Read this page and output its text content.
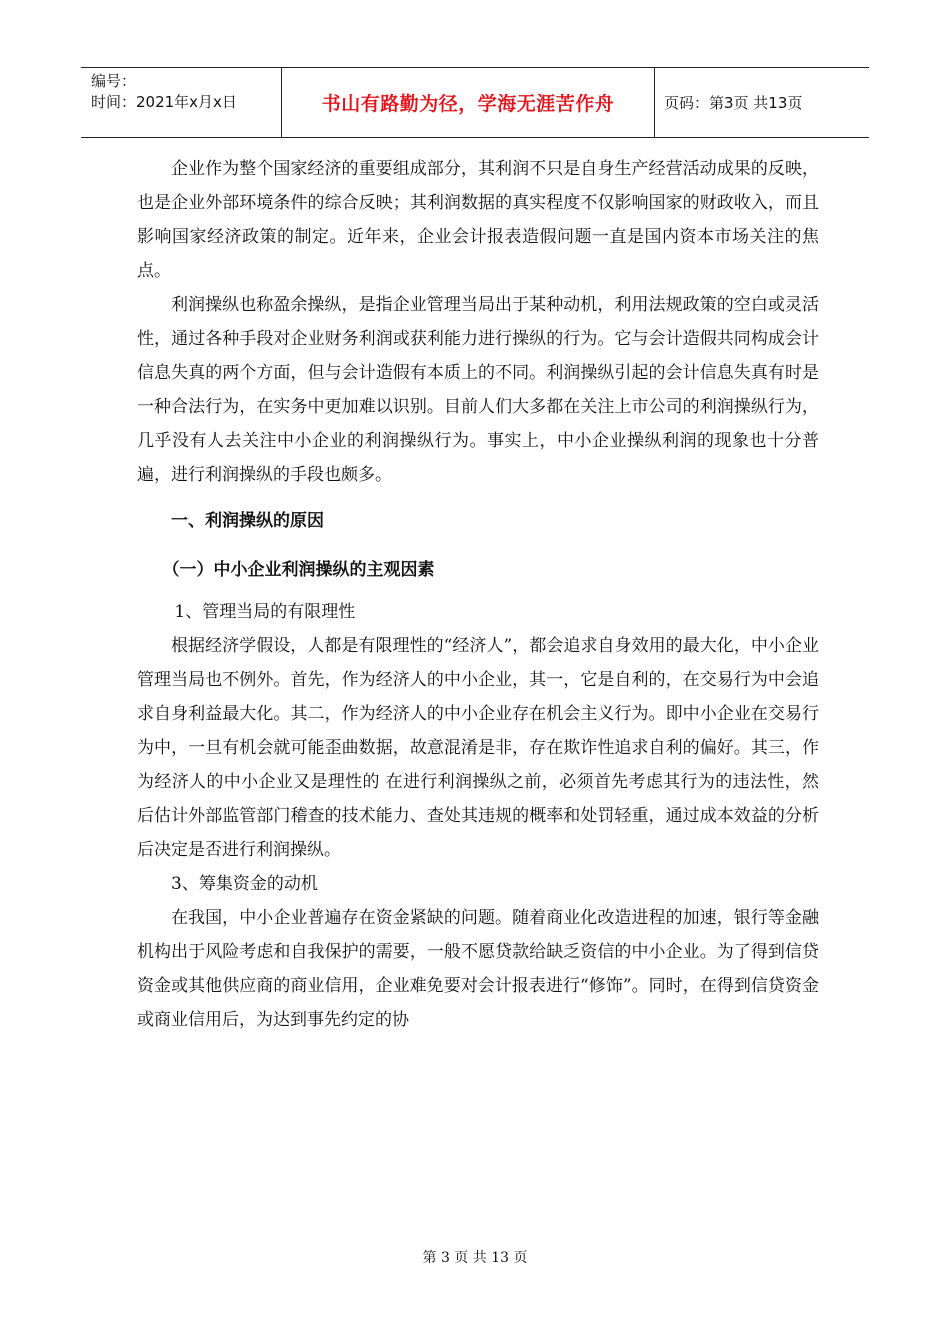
编号：
时间：2021年x月x日	书山有路勤为径，学海无涯苦作舟	页码：第3页 共13页

企业作为整个国家经济的重要组成部分，其利润不只是自身生产经营活动成果的反映，也是企业外部环境条件的综合反映；其利润数据的真实程度不仅影响国家的财政收入，而且影响国家经济政策的制定。近年来，企业会计报表造假问题一直是国内资本市场关注的焦点。

利润操纵也称盈余操纵，是指企业管理当局出于某种动机，利用法规政策的空白或灵活性，通过各种手段对企业财务利润或获利能力进行操纵的行为。它与会计造假共同构成会计信息失真的两个方面，但与会计造假有本质上的不同。利润操纵引起的会计信息失真有时是一种合法行为，在实务中更加难以识别。目前人们大多都在关注上市公司的利润操纵行为，几乎没有人去关注中小企业的利润操纵行为。事实上，中小企业操纵利润的现象也十分普遍，进行利润操纵的手段也颇多。

一、利润操纵的原因
（一）中小企业利润操纵的主观因素
1、管理当局的有限理性

根据经济学假设，人都是有限理性的“经济人”，都会追求自身效用的最大化，中小企业管理当局也不例外。首先，作为经济人的中小企业，其一，它是自利的，在交易行为中会追求自身利益最大化。其二，作为经济人的中小企业存在机会主义行为。即中小企业在交易行为中，一旦有机会就可能歪曲数据，故意混淆是非，存在欺诈性追求自利的偏好。其三，作为经济人的中小企业又是理性的 在进行利润操纵之前，必须首先考虑其行为的违法性，然后估计外部监管部门稽查的技术能力、查处其违规的概率和处罚轻重，通过成本效益的分析后决定是否进行利润操纵。

3、筹集资金的动机

在我国，中小企业普遍存在资金紧缺的问题。随着商业化改造进程的加速，银行等金融机构出于风险考虑和自我保护的需要，一般不愿贷款给缺乏资信的中小企业。为了得到信贷资金或其他供应商的商业信用，企业难免要对会计报表进行“修饰”。同时，在得到信贷资金或商业信用后，为达到事先约定的协

第 3 页 共 13 页
